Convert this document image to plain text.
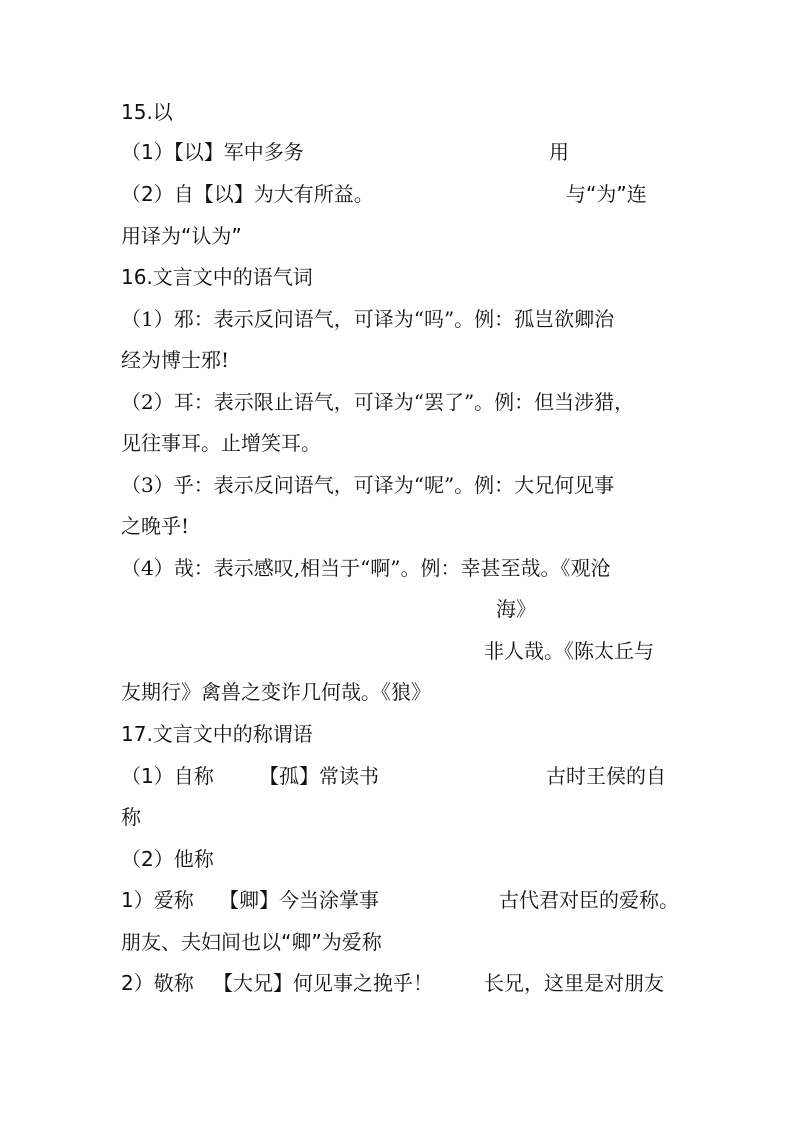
15.以
（1）【以】军中多务	用
（2）自【以】为大有所益。	与“为”连
用译为“认为”
16.文言文中的语气词
（1）邪：表示反问语气，可译为“吗”。例：孤岂欲卿治
经为博士邪!
（2）耳：表示限止语气，可译为“罢了”。例：但当涉猎，
见往事耳。止增笑耳。
（3）乎：表示反问语气，可译为“呢”。例：大兄何见事
之晚乎!
（4）哉：表示感叹,相当于“啊”。例：幸甚至哉。《观沧
海》
非人哉。《陈太丘与
友期行》禽兽之变诈几何哉。《狼》
17.文言文中的称谓语
（1）自称 【孤】常读书	古时王侯的自
称
（2）他称
1）爱称 【卿】今当涂掌事	古代君对臣的爱称。
朋友、夫妇间也以“卿”为爱称
2）敬称 【大兄】何见事之挽乎！	长兄，这里是对朋友
